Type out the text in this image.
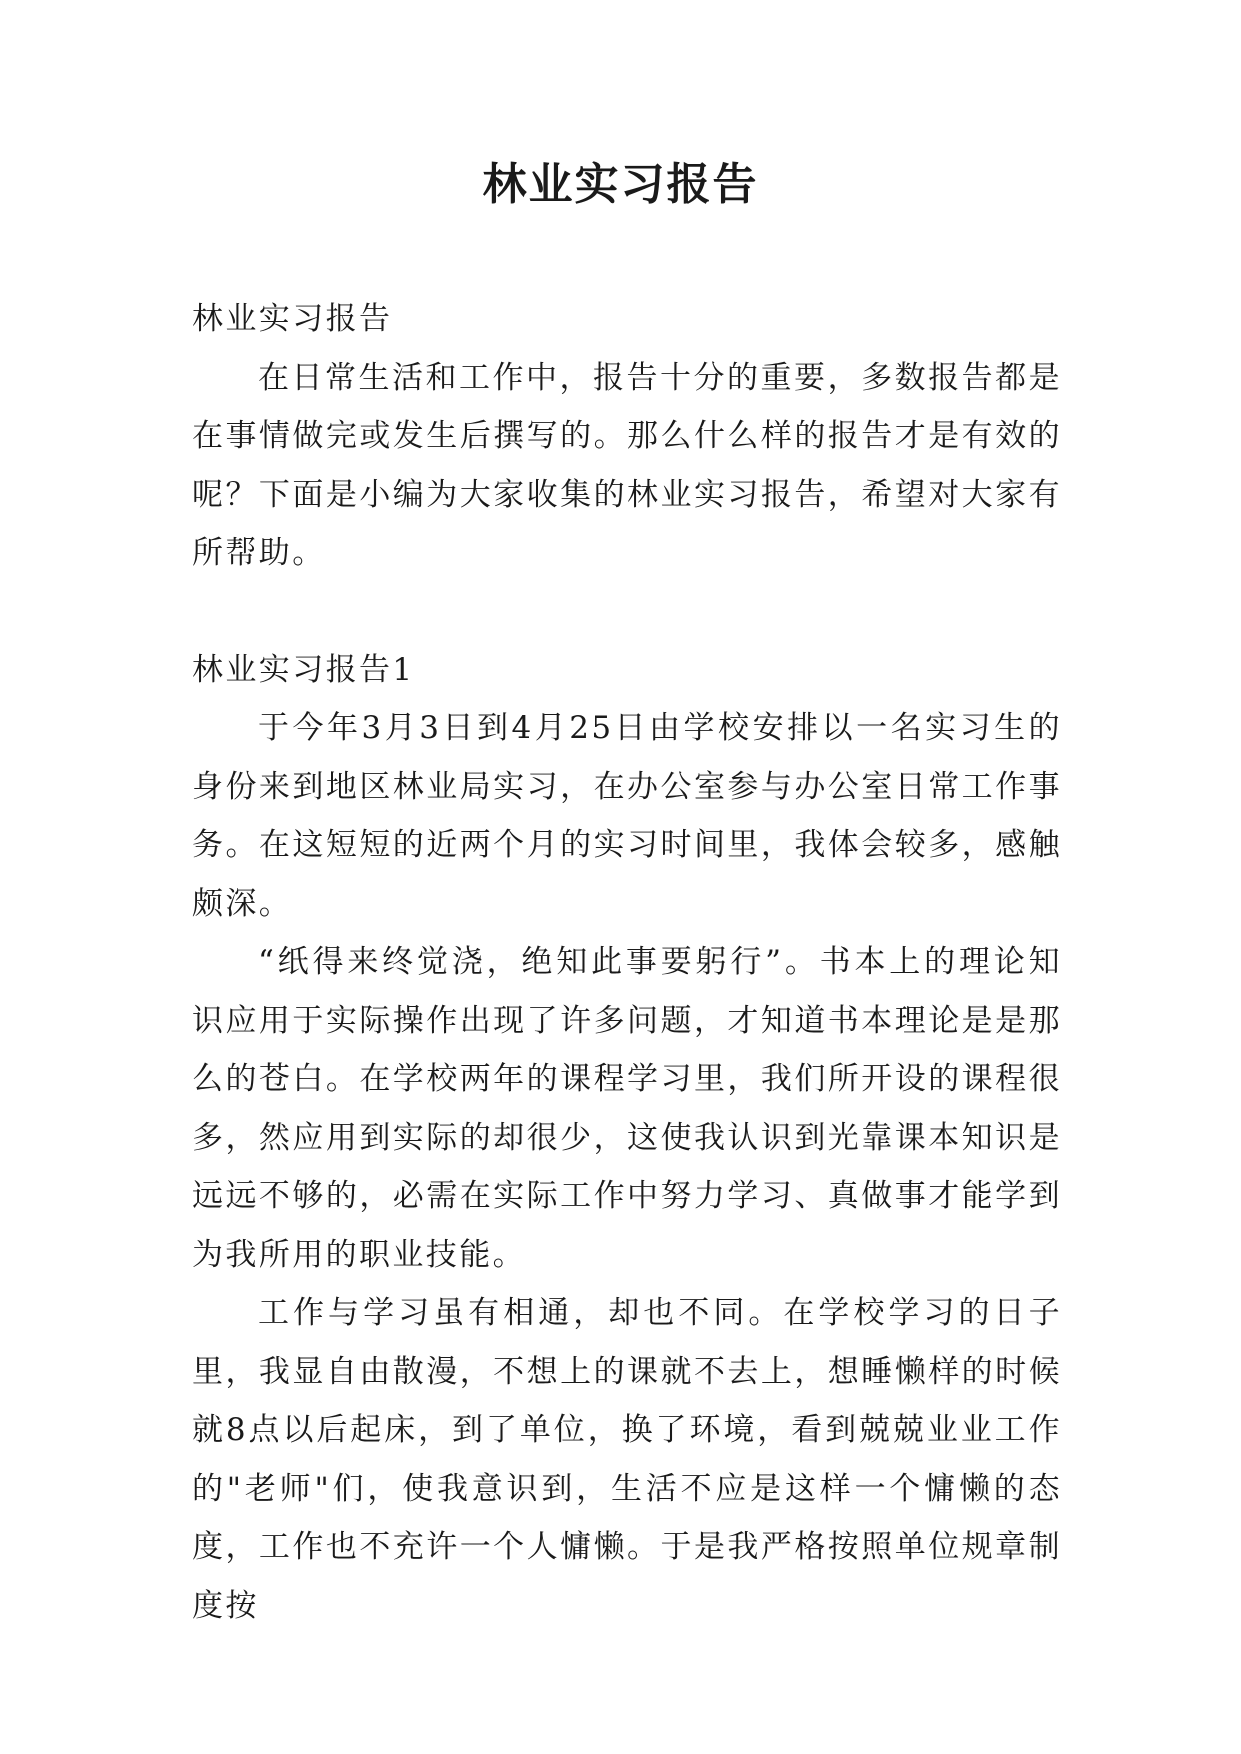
林业实习报告

林业实习报告

在日常生活和工作中，报告十分的重要，多数报告都是在事情做完或发生后撰写的。那么什么样的报告才是有效的呢？下面是小编为大家收集的林业实习报告，希望对大家有所帮助。

林业实习报告1

于今年3月3日到4月25日由学校安排以一名实习生的身份来到地区林业局实习，在办公室参与办公室日常工作事务。在这短短的近两个月的实习时间里，我体会较多，感触颇深。

“纸得来终觉浇，绝知此事要躬行”。书本上的理论知识应用于实际操作出现了许多问题，才知道书本理论是是那么的苍白。在学校两年的课程学习里，我们所开设的课程很多，然应用到实际的却很少，这使我认识到光靠课本知识是远远不够的，必需在实际工作中努力学习、真做事才能学到为我所用的职业技能。

工作与学习虽有相通，却也不同。在学校学习的日子里，我显自由散漫，不想上的课就不去上，想睡懒样的时候就8点以后起床，到了单位，换了环境，看到兢兢业业工作的"老师"们，使我意识到，生活不应是这样一个慵懒的态度，工作也不充许一个人慵懒。于是我严格按照单位规章制度按
